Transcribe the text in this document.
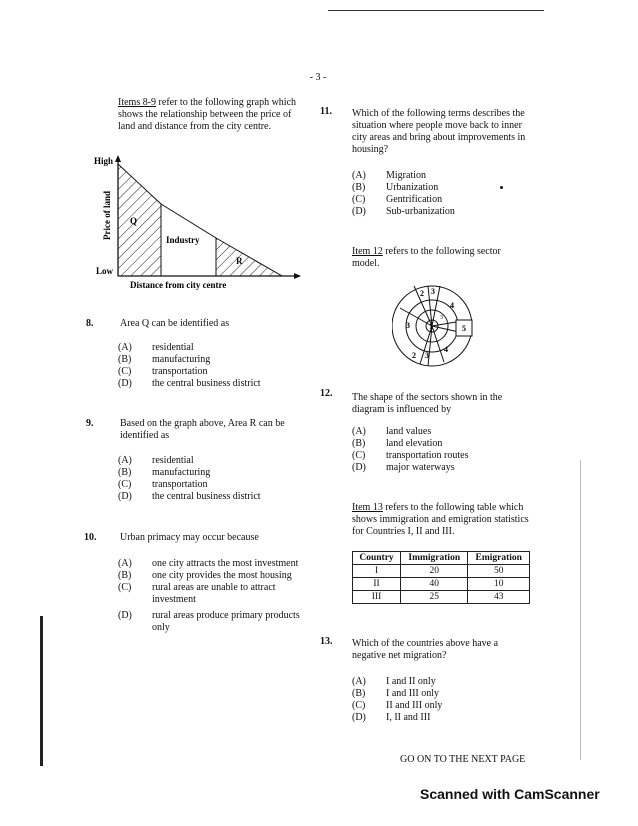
- 3 -
Items 8-9 refer to the following graph which shows the relationship between the price of land and distance from the city centre.
High
Low
Price of land
Distance from city centre
Q
Industry
R
8.	Area Q can be identified as
(A) residential
(B) manufacturing
(C) transportation
(D) the central business district
9.	Based on the graph above, Area R can be identified as
(A) residential
(B) manufacturing
(C) transportation
(D) the central business district
10. Urban primacy may occur because
(A) one city attracts the most investment
(B) one city provides the most housing
(C) rural areas are unable to attract investment
(D) rural areas produce primary products only
11. Which of the following terms describes the situation where people move back to inner city areas and bring about improvements in housing?
(A) Migration
(B) Urbanization
(C) Gentrification
(D) Sub-urbanization
Item 12 refers to the following sector model.
1
2 3
4
5
3
3
2 3
4
12. The shape of the sectors shown in the diagram is influenced by
(A) land values
(B) land elevation
(C) transportation routes
(D) major waterways
Item 13 refers to the following table which shows immigration and emigration statistics for Countries I, II and III.
Country	Immigration	Emigration
I	20	50
II	40	10
III	25	43
13. Which of the countries above have a negative net migration?
(A) I and II only
(B) I and III only
(C) II and III only
(D) I, II and III
GO ON TO THE NEXT PAGE
Scanned with CamScanner
